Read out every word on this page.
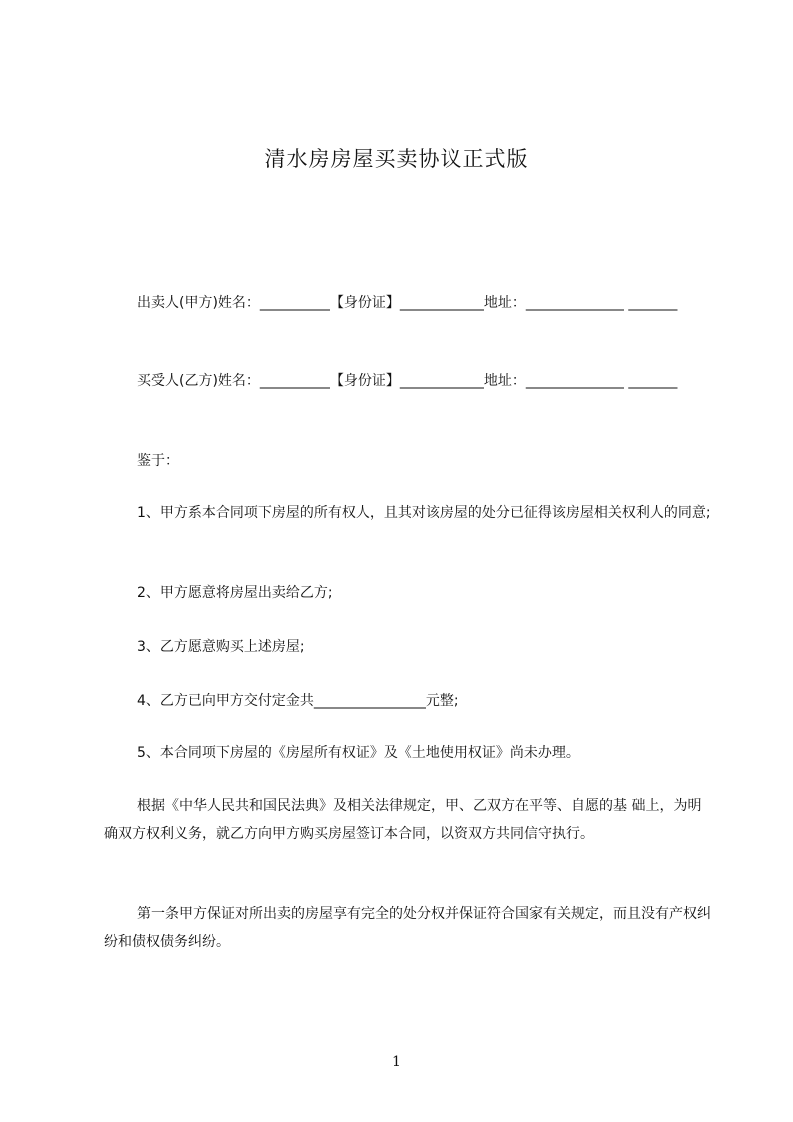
清水房房屋买卖协议正式版

出卖人(甲方)姓名：__________【身份证】____________地址：______________ _______

买受人(乙方)姓名：__________【身份证】____________地址：______________ _______

鉴于：

1、甲方系本合同项下房屋的所有权人，且其对该房屋的处分已征得该房屋相关权利人的同意;

2、甲方愿意将房屋出卖给乙方;

3、乙方愿意购买上述房屋;

4、乙方已向甲方交付定金共________________元整;

5、本合同项下房屋的《房屋所有权证》及《土地使用权证》尚未办理。

根据《中华人民共和国民法典》及相关法律规定，甲、乙双方在平等、自愿的基 础上，为明确双方权利义务，就乙方向甲方购买房屋签订本合同，以资双方共同信守执行。

第一条甲方保证对所出卖的房屋享有完全的处分权并保证符合国家有关规定，而且没有产权纠纷和债权债务纠纷。

1
